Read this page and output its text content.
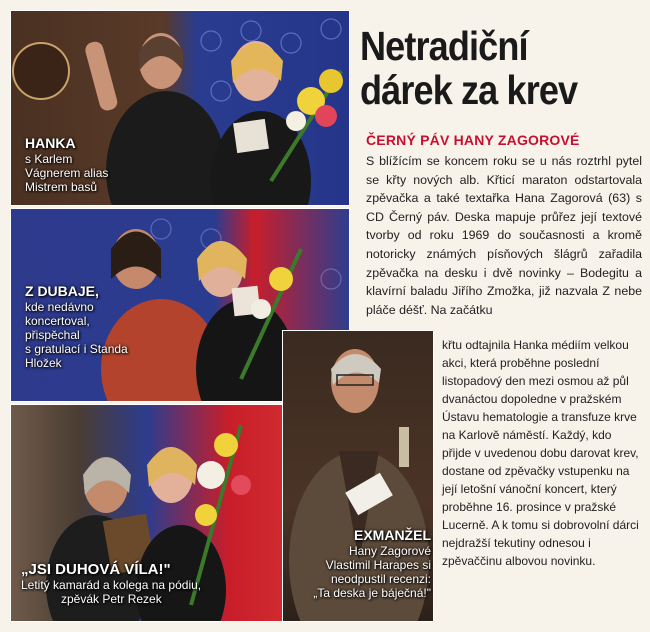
HANKA
s Karlem
Vágnerem alias
Mistrem basů
Z DUBAJE,
kde nedávno
koncertoval,
přispěchal
s gratulací i Standa
Hložek
„JSI DUHOVÁ VÍLA!"
Letitý kamarád a kolega na pódiu,
zpěvák Petr Rezek
EXMANŽEL
Hany Zagorové
Vlastimil Harapes si
neodpustil recenzi:
„Ta deska je báječná!"
Netradiční
dárek za krev
ČERNÝ PÁV HANY ZAGOROVÉ

S blížícím se koncem roku se u nás roztrhl pytel se křty nových alb. Křticí maraton odstartovala zpěvačka a také textařka Hana Zagorová (63) s CD Černý páv. Deska mapuje průřez její textové tvorby od roku 1969 do současnosti a kromě notoricky známých písňových šlágrů zařadila zpěvačka na desku i dvě novinky – Bodegitu a klavírní baladu Jiřího Zmožka, již nazvala Z nebe pláče déšť. Na začátku

křtu odtajnila Hanka médiím velkou akci, která proběhne poslední listopadový den mezi osmou až půl dvanáctou dopoledne v pražském Ústavu hematologie a transfuze krve na Karlově náměstí. Každý, kdo přijde v uvedenou dobu darovat krev, dostane od zpěvačky vstupenku na její letošní vánoční koncert, který proběhne 16. prosince v pražské Lucerně. A k tomu si dobrovolní dárci nejdražší tekutiny odnesou i zpěvaččinu albovou novinku.
